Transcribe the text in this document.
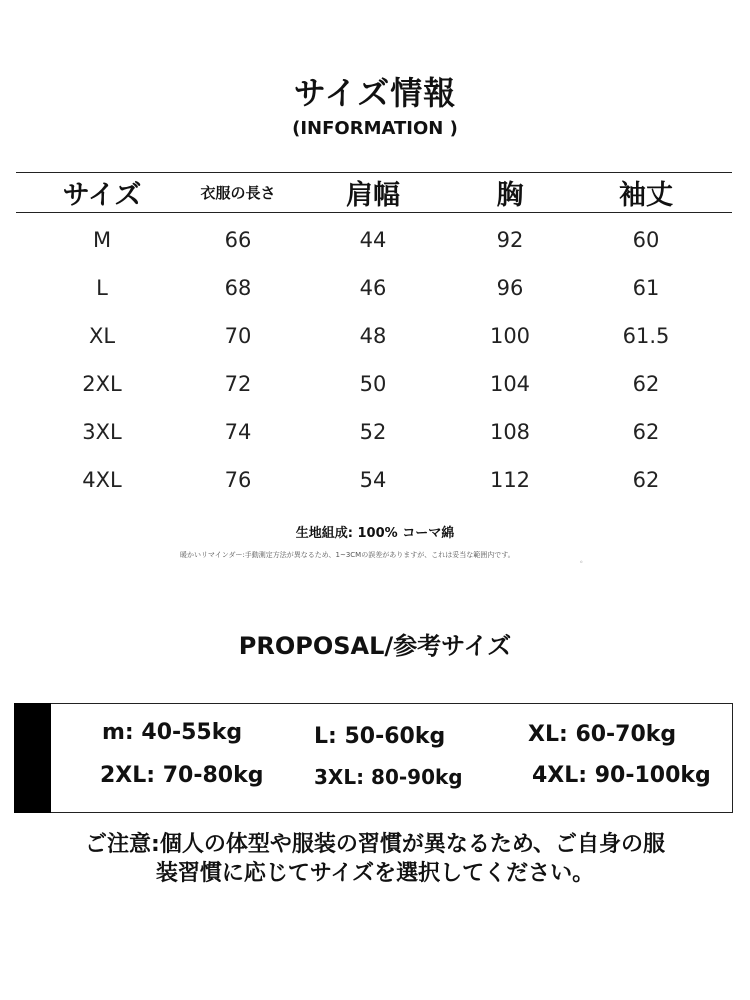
サイズ情報
(INFORMATION )
サイズ	衣服の長さ	肩幅	胸	袖丈
M	66	44	92	60
L	68	46	96	61
XL	70	48	100	61.5
2XL	72	50	104	62
3XL	74	52	108	62
4XL	76	54	112	62
生地組成: 100% コーマ綿
暖かいリマインダー:手動測定方法が異なるため、1~3CMの誤差がありますが、これは妥当な範囲内です。
。
PROPOSAL/参考サイズ
m: 40-55kg	L: 50-60kg	XL: 60-70kg
2XL: 70-80kg	3XL: 80-90kg	4XL: 90-100kg
ご注意:個人の体型や服装の習慣が異なるため、ご自身の服
装習慣に応じてサイズを選択してください。
